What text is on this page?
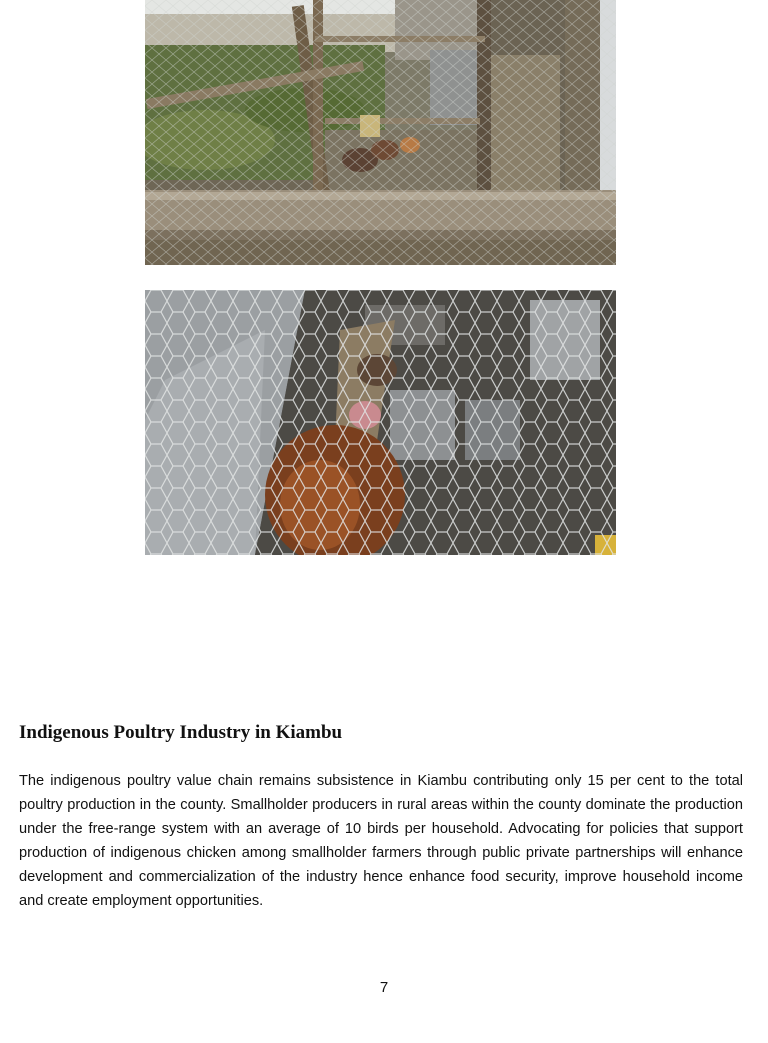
Indigenous Poultry Industry in Kiambu

The indigenous poultry value chain remains subsistence in Kiambu contributing only 15 per cent to the total poultry production in the county. Smallholder producers in rural areas within the county dominate the production under the free-range system with an average of 10 birds per household. Advocating for policies that support production of indigenous chicken among smallholder farmers through public private partnerships will enhance development and commercialization of the industry hence enhance food security, improve household income and create employment opportunities.

7
